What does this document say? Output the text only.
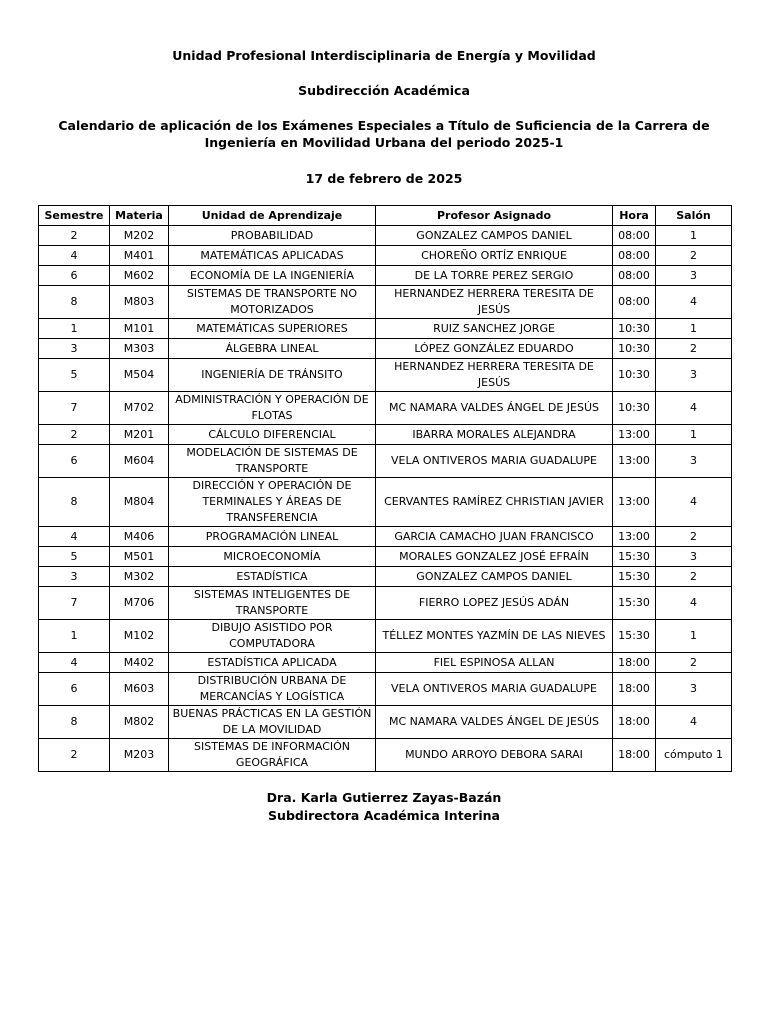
Unidad Profesional Interdisciplinaria de Energía y Movilidad
Subdirección Académica
Calendario de aplicación de los Exámenes Especiales a Título de Suficiencia de la Carrera de Ingeniería en Movilidad Urbana del periodo 2025-1
17 de febrero de 2025
Semestre	Materia	Unidad de Aprendizaje	Profesor Asignado	Hora	Salón
2	M202	PROBABILIDAD	GONZALEZ CAMPOS DANIEL	08:00	1
4	M401	MATEMÁTICAS APLICADAS	CHOREÑO ORTÍZ ENRIQUE	08:00	2
6	M602	ECONOMÍA DE LA INGENIERÍA	DE LA TORRE PEREZ SERGIO	08:00	3
8	M803	SISTEMAS DE TRANSPORTE NO MOTORIZADOS	HERNANDEZ HERRERA TERESITA DE JESÚS	08:00	4
1	M101	MATEMÁTICAS SUPERIORES	RUIZ SANCHEZ JORGE	10:30	1
3	M303	ÁLGEBRA LINEAL	LÓPEZ GONZÁLEZ EDUARDO	10:30	2
5	M504	INGENIERÍA DE TRÁNSITO	HERNANDEZ HERRERA TERESITA DE JESÚS	10:30	3
7	M702	ADMINISTRACIÓN Y OPERACIÓN DE FLOTAS	MC NAMARA VALDES ÁNGEL DE JESÚS	10:30	4
2	M201	CÁLCULO DIFERENCIAL	IBARRA MORALES ALEJANDRA	13:00	1
6	M604	MODELACIÓN DE SISTEMAS DE TRANSPORTE	VELA ONTIVEROS MARIA GUADALUPE	13:00	3
8	M804	DIRECCIÓN Y OPERACIÓN DE TERMINALES Y ÁREAS DE TRANSFERENCIA	CERVANTES RAMÍREZ CHRISTIAN JAVIER	13:00	4
4	M406	PROGRAMACIÓN LINEAL	GARCIA CAMACHO JUAN FRANCISCO	13:00	2
5	M501	MICROECONOMÍA	MORALES GONZALEZ JOSÉ EFRAÍN	15:30	3
3	M302	ESTADÍSTICA	GONZALEZ CAMPOS DANIEL	15:30	2
7	M706	SISTEMAS INTELIGENTES DE TRANSPORTE	FIERRO LOPEZ JESÚS ADÁN	15:30	4
1	M102	DIBUJO ASISTIDO POR COMPUTADORA	TÉLLEZ MONTES YAZMÍN DE LAS NIEVES	15:30	1
4	M402	ESTADÍSTICA APLICADA	FIEL ESPINOSA ALLAN	18:00	2
6	M603	DISTRIBUCIÓN URBANA DE MERCANCÍAS Y LOGÍSTICA	VELA ONTIVEROS MARIA GUADALUPE	18:00	3
8	M802	BUENAS PRÁCTICAS EN LA GESTIÓN DE LA MOVILIDAD	MC NAMARA VALDES ÁNGEL DE JESÚS	18:00	4
2	M203	SISTEMAS DE INFORMACIÓN GEOGRÁFICA	MUNDO ARROYO DEBORA SARAI	18:00	cómputo 1
Dra. Karla Gutierrez Zayas-Bazán
Subdirectora Académica Interina
